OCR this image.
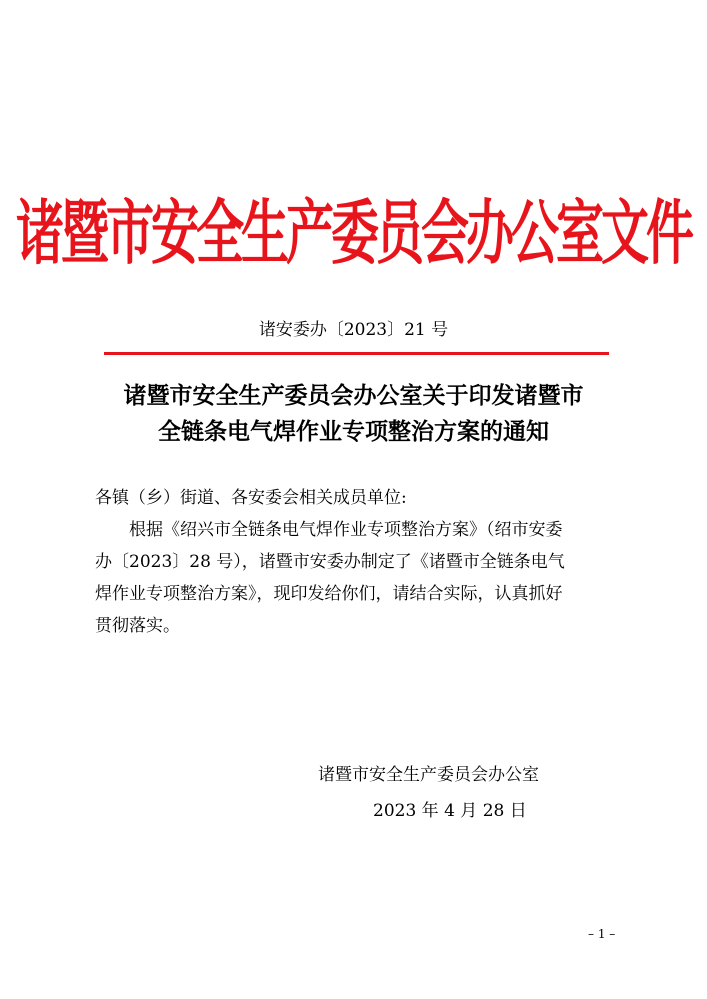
诸暨市安全生产委员会办公室文件
诸安委办〔2023〕21 号
诸暨市安全生产委员会办公室关于印发诸暨市
全链条电气焊作业专项整治方案的通知
各镇（乡）街道、各安委会相关成员单位:
根据《绍兴市全链条电气焊作业专项整治方案》（绍市安委
办〔2023〕28 号），诸暨市安委办制定了《诸暨市全链条电气
焊作业专项整治方案》，现印发给你们，请结合实际，认真抓好
贯彻落实。
诸暨市安全生产委员会办公室
2023 年 4 月 28 日
– 1 –
